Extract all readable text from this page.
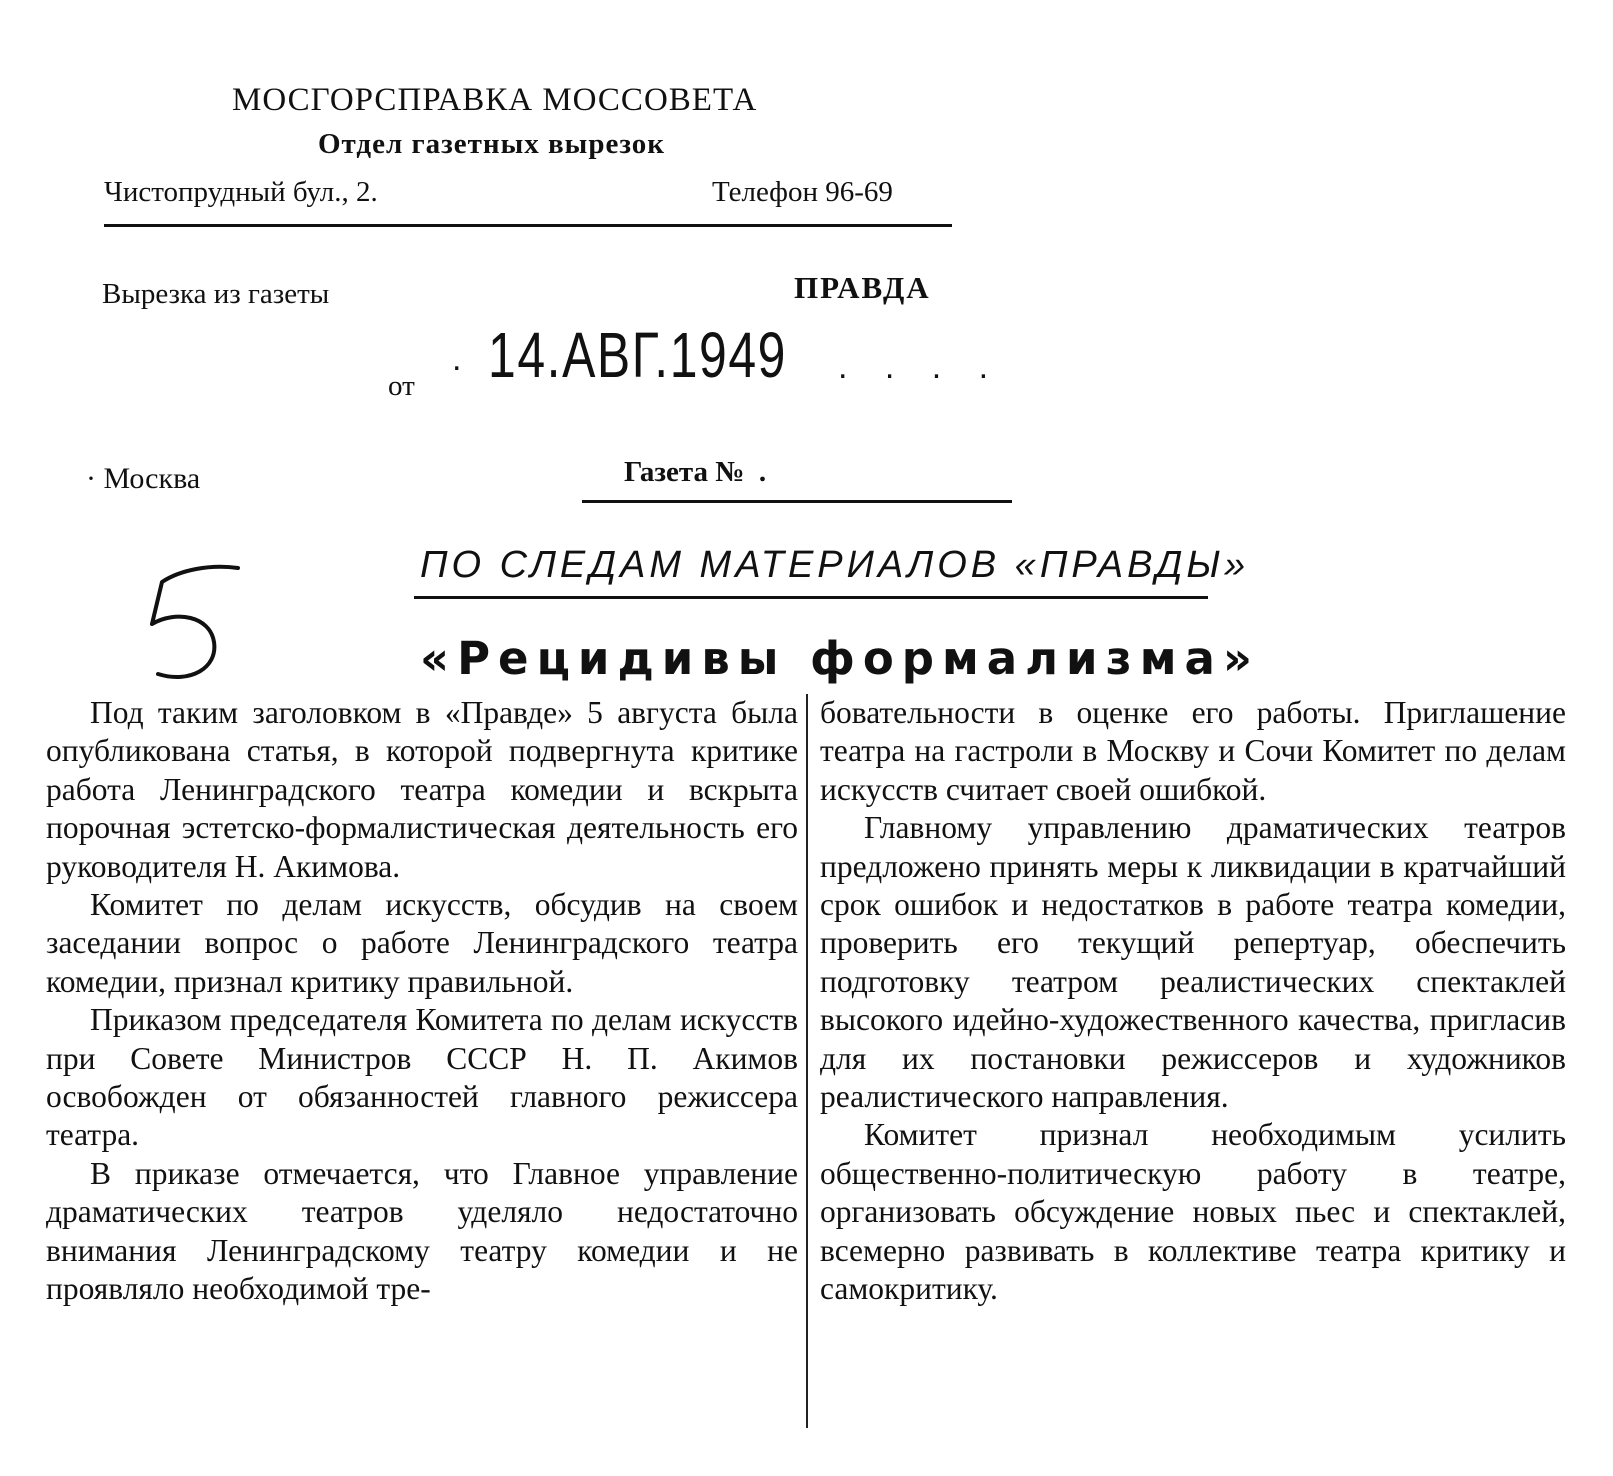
МОСГОРСПРАВКА МОССОВЕТА
Отдел газетных вырезок
Чистопрудный бул., 2.	Телефон 96-69
Вырезка из газеты	ПРАВДА
от
. 14.АВГ.1949 . . . .
· Москва	Газета №  .
ПО СЛЕДАМ МАТЕРИАЛОВ «ПРАВДЫ»
«Рецидивы формализма»

Под таким заголовком в «Правде» 5 августа была опубликована статья, в которой подвергнута критике работа Ленинградского театра комедии и вскрыта порочная эстетско-формалистическая деятельность его руководителя Н. Акимова.

Комитет по делам искусств, обсудив на своем заседании вопрос о работе Ленинградского театра комедии, признал критику правильной.

Приказом председателя Комитета по делам искусств при Совете Министров СССР Н. П. Акимов освобожден от обязанностей главного режиссера театра.

В приказе отмечается, что Главное управление драматических театров уделяло недостаточно внимания Ленинградскому театру комедии и не проявляло необходимой тре-

бовательности в оценке его работы. Приглашение театра на гастроли в Москву и Сочи Комитет по делам искусств считает своей ошибкой.

Главному управлению драматических театров предложено принять меры к ликвидации в кратчайший срок ошибок и недостатков в работе театра комедии, проверить его текущий репертуар, обеспечить подготовку театром реалистических спектаклей высокого идейно-художественного качества, пригласив для их постановки режиссеров и художников реалистического направления.

Комитет признал необходимым усилить общественно-политическую работу в театре, организовать обсуждение новых пьес и спектаклей, всемерно развивать в коллективе театра критику и самокритику.
